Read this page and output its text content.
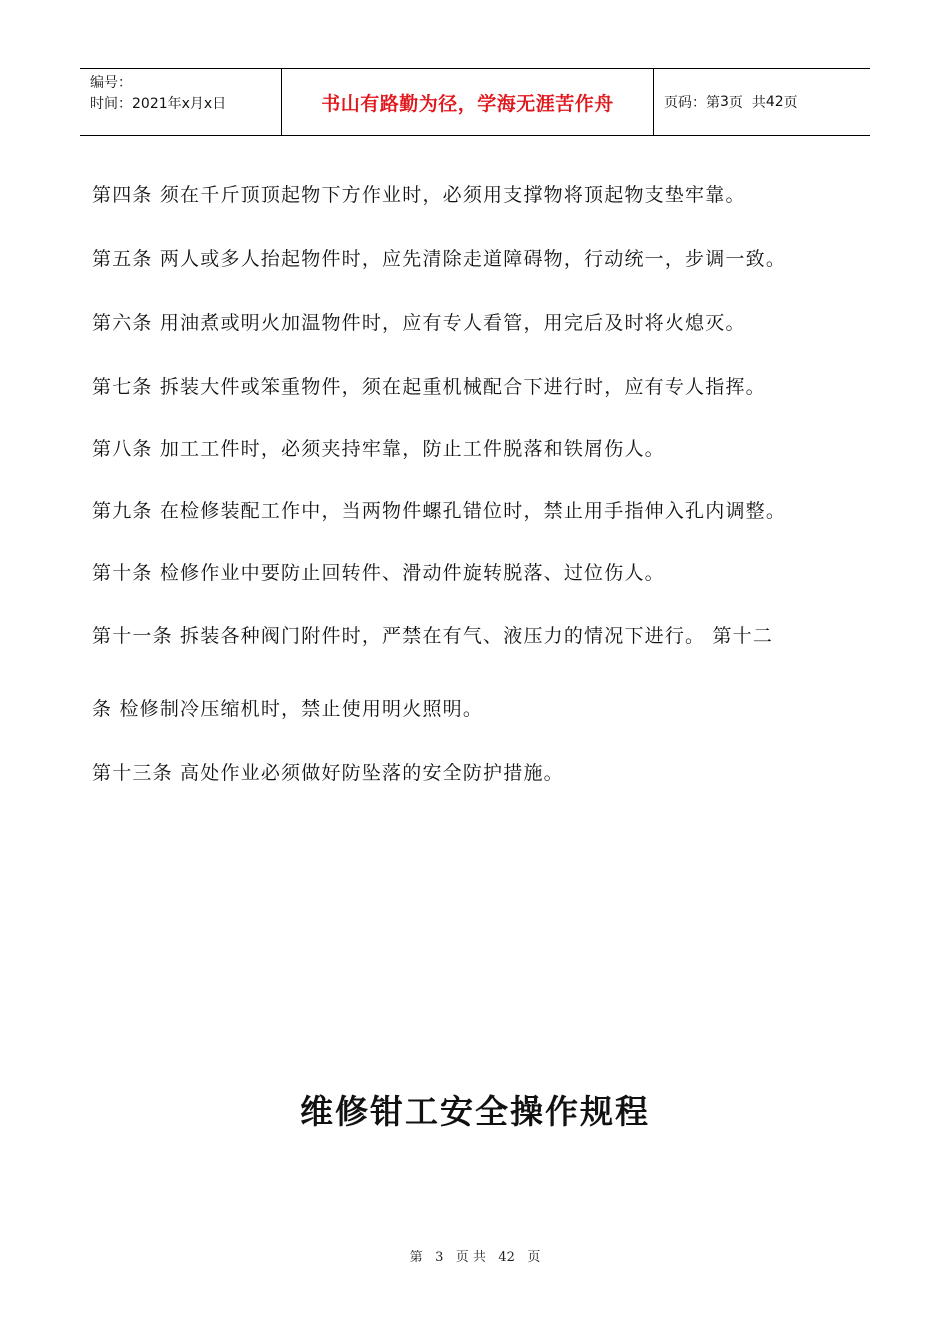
编号：
时间：2021年x月x日	书山有路勤为径，学海无涯苦作舟	页码：第 3 页  共 42 页
第四条 须在千斤顶顶起物下方作业时，必须用支撑物将顶起物支垫牢靠。
第五条 两人或多人抬起物件时，应先清除走道障碍物，行动统一，步调一致。
第六条 用油煮或明火加温物件时，应有专人看管，用完后及时将火熄灭。
第七条 拆装大件或笨重物件，须在起重机械配合下进行时，应有专人指挥。
第八条 加工工件时，必须夹持牢靠，防止工件脱落和铁屑伤人。
第九条 在检修装配工作中，当两物件螺孔错位时，禁止用手指伸入孔内调整。
第十条 检修作业中要防止回转件、滑动件旋转脱落、过位伤人。
第十一条 拆装各种阀门附件时，严禁在有气、液压力的情况下进行。 第十二
条 检修制冷压缩机时，禁止使用明火照明。
第十三条 高处作业必须做好防坠落的安全防护措施。
维修钳工安全操作规程
第 3 页 共 42 页
